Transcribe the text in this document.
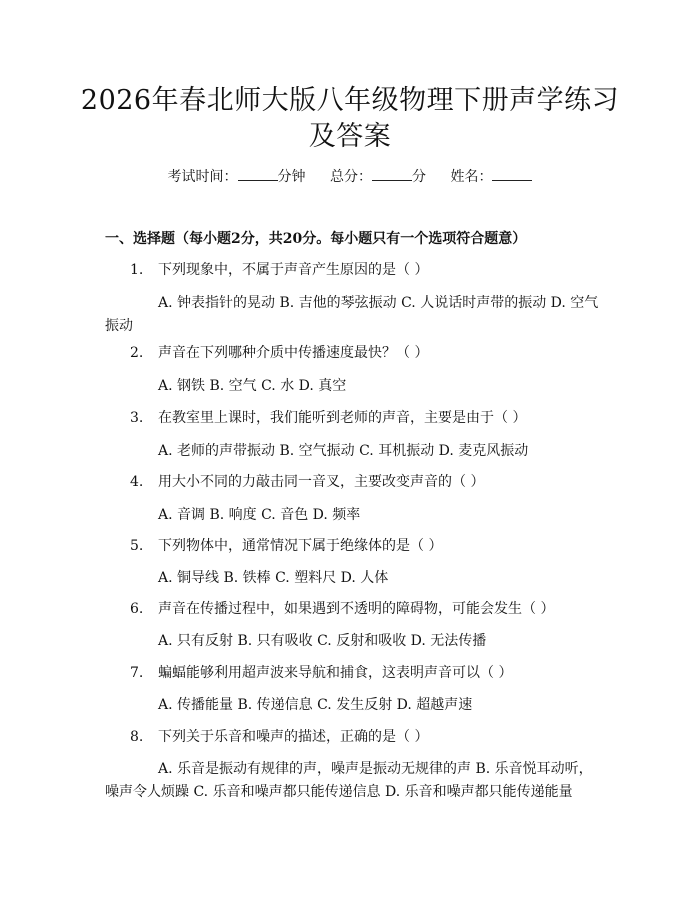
2026年春北师大版八年级物理下册声学练习
及答案
考试时间：	分钟 总分：	分 姓名：
一、选择题（每小题2分，共20分。每小题只有一个选项符合题意）
1. 下列现象中，不属于声音产生原因的是（ ）
A. 钟表指针的晃动 B. 吉他的琴弦振动 C. 人说话时声带的振动 D. 空气振动
2. 声音在下列哪种介质中传播速度最快？（ ）
A. 钢铁 B. 空气 C. 水 D. 真空
3. 在教室里上课时，我们能听到老师的声音，主要是由于（ ）
A. 老师的声带振动 B. 空气振动 C. 耳机振动 D. 麦克风振动
4. 用大小不同的力敲击同一音叉，主要改变声音的（ ）
A. 音调 B. 响度 C. 音色 D. 频率
5. 下列物体中，通常情况下属于绝缘体的是（ ）
A. 铜导线 B. 铁棒 C. 塑料尺 D. 人体
6. 声音在传播过程中，如果遇到不透明的障碍物，可能会发生（ ）
A. 只有反射 B. 只有吸收 C. 反射和吸收 D. 无法传播
7. 蝙蝠能够利用超声波来导航和捕食，这表明声音可以（ ）
A. 传播能量 B. 传递信息 C. 发生反射 D. 超越声速
8. 下列关于乐音和噪声的描述，正确的是（ ）
A. 乐音是振动有规律的声，噪声是振动无规律的声 B. 乐音悦耳动听，噪声令人烦躁 C. 乐音和噪声都只能传递信息 D. 乐音和噪声都只能传递能量
